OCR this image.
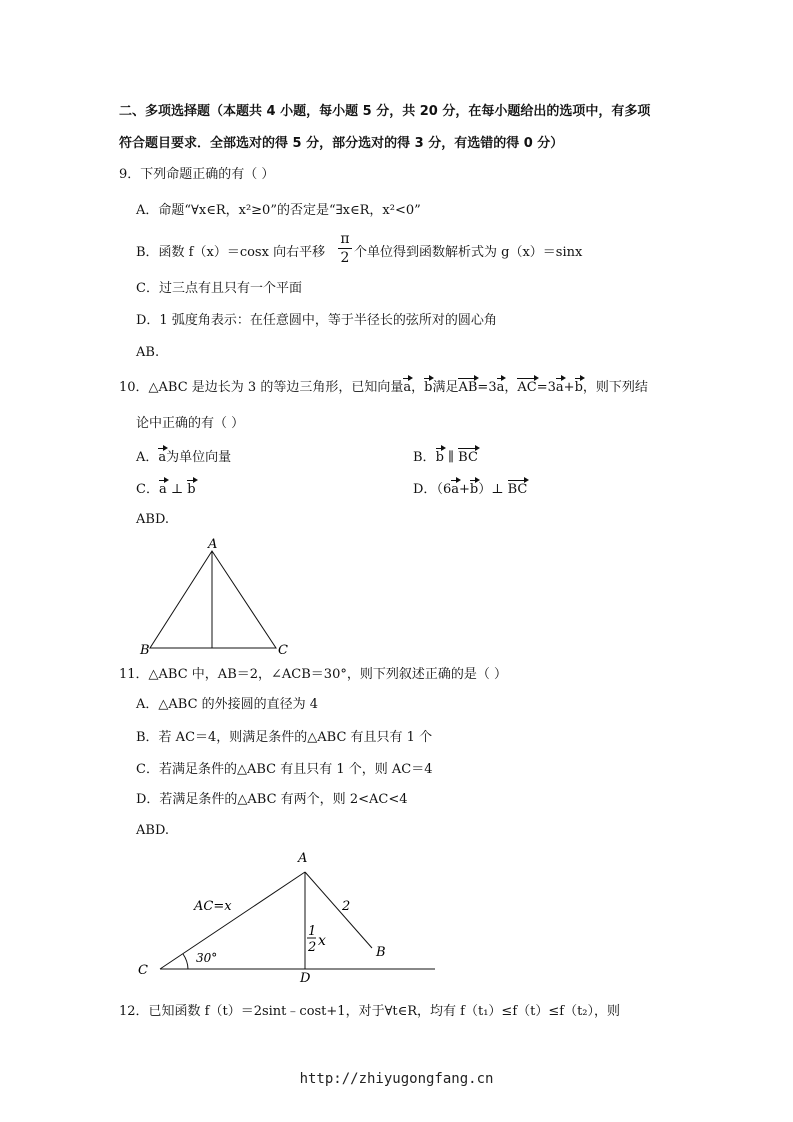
二、多项选择题（本题共 4 小题，每小题 5 分，共 20 分，在每小题给出的选项中，有多项
符合题目要求．全部选对的得 5 分，部分选对的得 3 分，有选错的得 0 分）
9．下列命题正确的有（ ）
A．命题“∀x∈R，x²≥0”的否定是“∃x∈R，x²<0”
B．函数 f（x）＝cosx 向右平移
π
2 个单位得到函数解析式为 g（x）＝sinx
C．过三点有且只有一个平面
D．1 弧度角表示：在任意圆中，等于半径长的弦所对的圆心角
AB.
10．△ABC 是边长为 3 的等边三角形，已知向量a，b满足AB=3a，AC=3a+b，则下列结
论中正确的有（ ）
A．a为单位向量	B．b ∥ BC
C．a ⊥ b	D．（6a+b）⊥ BC
ABD.
A
B	C
11．△ABC 中，AB＝2，∠ACB＝30°，则下列叙述正确的是（ ）
A．△ABC 的外接圆的直径为 4
B．若 AC＝4，则满足条件的△ABC 有且只有 1 个
C．若满足条件的△ABC 有且只有 1 个，则 AC＝4
D．若满足条件的△ABC 有两个，则 2<AC<4
ABD.
A
B
C
D
AC=x	2
1
2 x
30°
12．已知函数 f（t）＝2sint﹣cost+1，对于∀t∈R，均有 f（t₁）≤f（t）≤f（t₂），则
http://zhiyugongfang.cn
